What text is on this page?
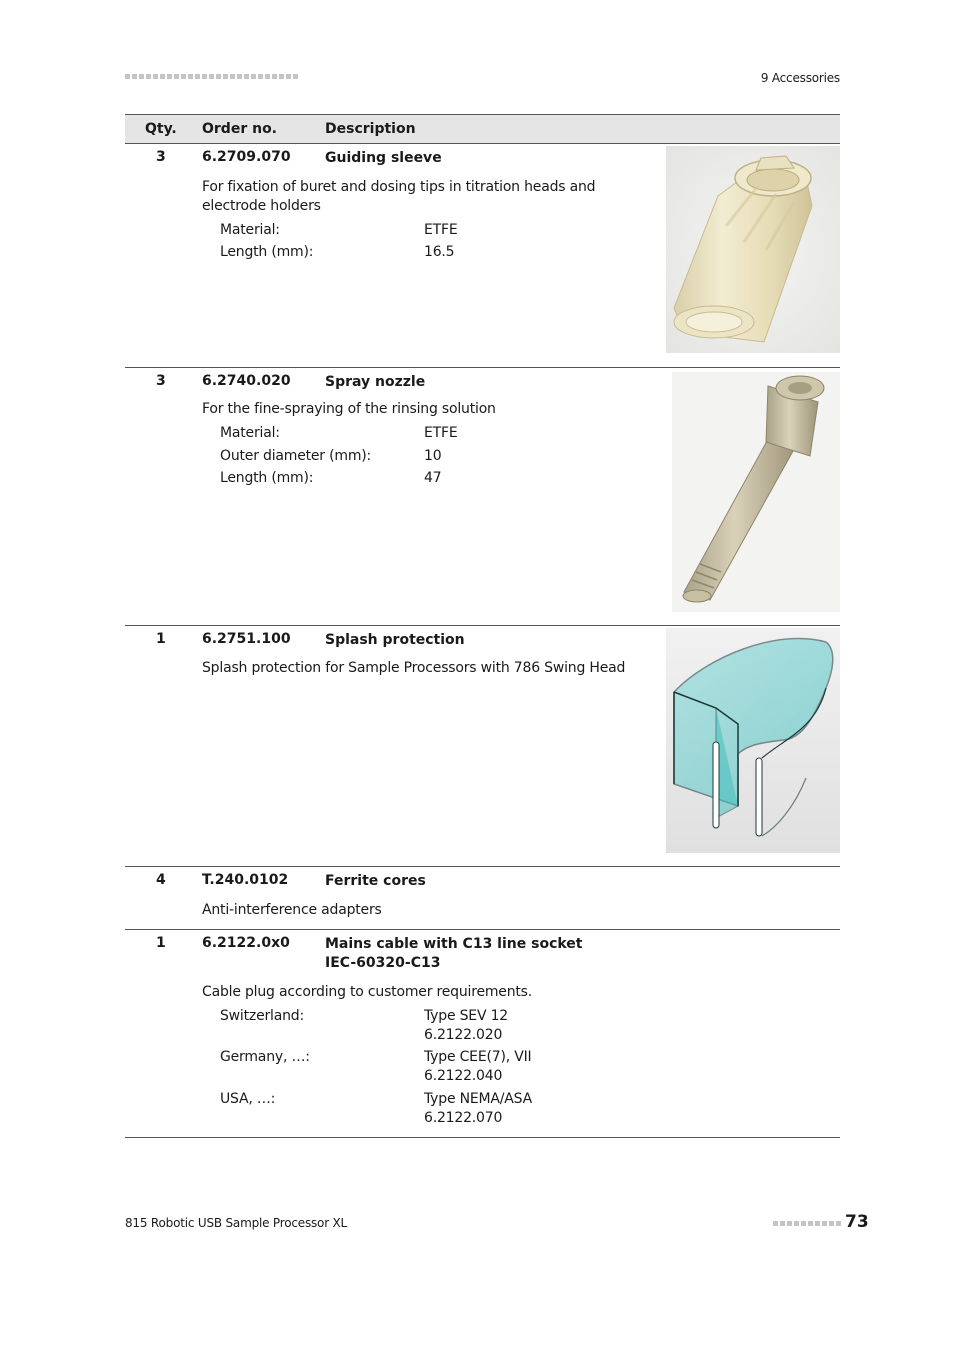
9 Accessories
Qty. Order no.	Description
3	6.2709.070 Guiding sleeve
For fixation of buret and dosing tips in titration heads and electrode holders
Material:	ETFE
Length (mm):	16.5
3	6.2740.020 Spray nozzle
For the fine-spraying of the rinsing solution
Material:	ETFE
Outer diameter (mm):	10
Length (mm):	47
1	6.2751.100 Splash protection
Splash protection for Sample Processors with 786 Swing Head
4	T.240.0102	Ferrite cores
Anti-interference adapters
1	6.2122.0x0	Mains cable with C13 line socket
IEC-60320-C13
Cable plug according to customer requirements.
Switzerland:	Type SEV 12
6.2122.020
Germany, …:	Type CEE(7), VII
6.2122.040
USA, …:	Type NEMA/ASA
6.2122.070
815 Robotic USB Sample Processor XL	73
